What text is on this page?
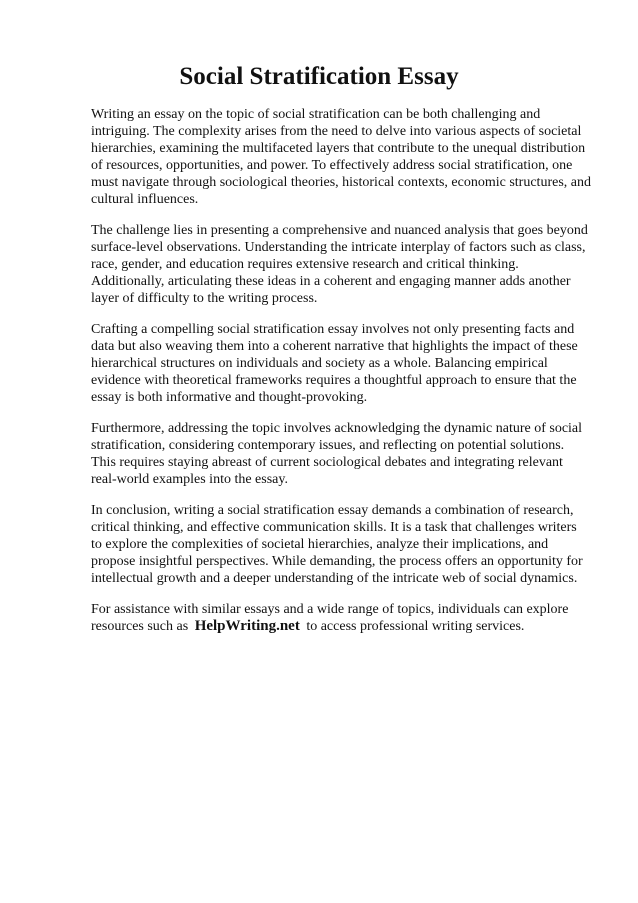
Social Stratification Essay

Writing an essay on the topic of social stratification can be both challenging and intriguing. The complexity arises from the need to delve into various aspects of societal hierarchies, examining the multifaceted layers that contribute to the unequal distribution of resources, opportunities, and power. To effectively address social stratification, one must navigate through sociological theories, historical contexts, economic structures, and cultural influences.

The challenge lies in presenting a comprehensive and nuanced analysis that goes beyond surface-level observations. Understanding the intricate interplay of factors such as class, race, gender, and education requires extensive research and critical thinking. Additionally, articulating these ideas in a coherent and engaging manner adds another layer of difficulty to the writing process.

Crafting a compelling social stratification essay involves not only presenting facts and data but also weaving them into a coherent narrative that highlights the impact of these hierarchical structures on individuals and society as a whole. Balancing empirical evidence with theoretical frameworks requires a thoughtful approach to ensure that the essay is both informative and thought-provoking.

Furthermore, addressing the topic involves acknowledging the dynamic nature of social stratification, considering contemporary issues, and reflecting on potential solutions. This requires staying abreast of current sociological debates and integrating relevant real-world examples into the essay.

In conclusion, writing a social stratification essay demands a combination of research, critical thinking, and effective communication skills. It is a task that challenges writers to explore the complexities of societal hierarchies, analyze their implications, and propose insightful perspectives. While demanding, the process offers an opportunity for intellectual growth and a deeper understanding of the intricate web of social dynamics.

For assistance with similar essays and a wide range of topics, individuals can explore resources such as HelpWriting.net to access professional writing services.
